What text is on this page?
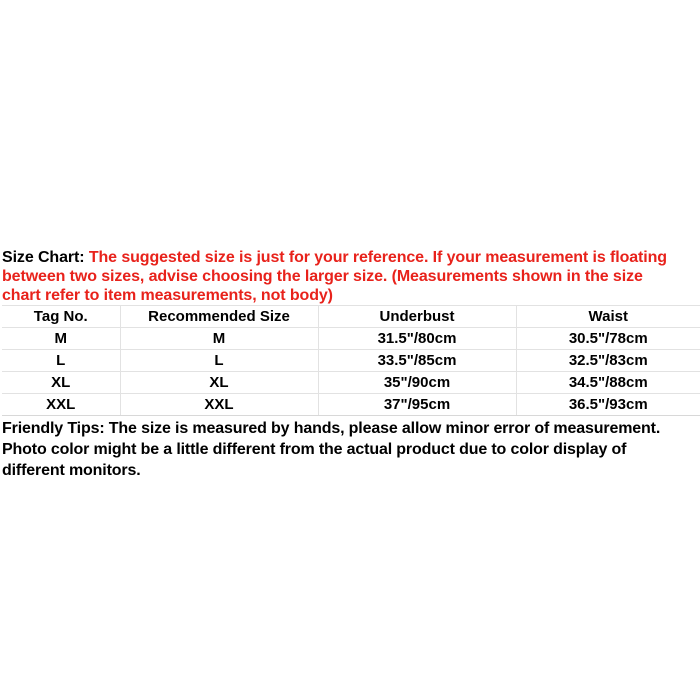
Size Chart: The suggested size is just for your reference. If your measurement is floating
between two sizes, advise choosing the larger size. (Measurements shown in the size
chart refer to item measurements, not body)
Tag No.	Recommended Size	Underbust	Waist
M	M	31.5"/80cm	30.5"/78cm
L	L	33.5"/85cm	32.5"/83cm
XL	XL	35"/90cm	34.5"/88cm
XXL	XXL	37"/95cm	36.5"/93cm

Friendly Tips: The size is measured by hands, please allow minor error of measurement.

Photo color might be a little different from the actual product due to color display of

different monitors.
